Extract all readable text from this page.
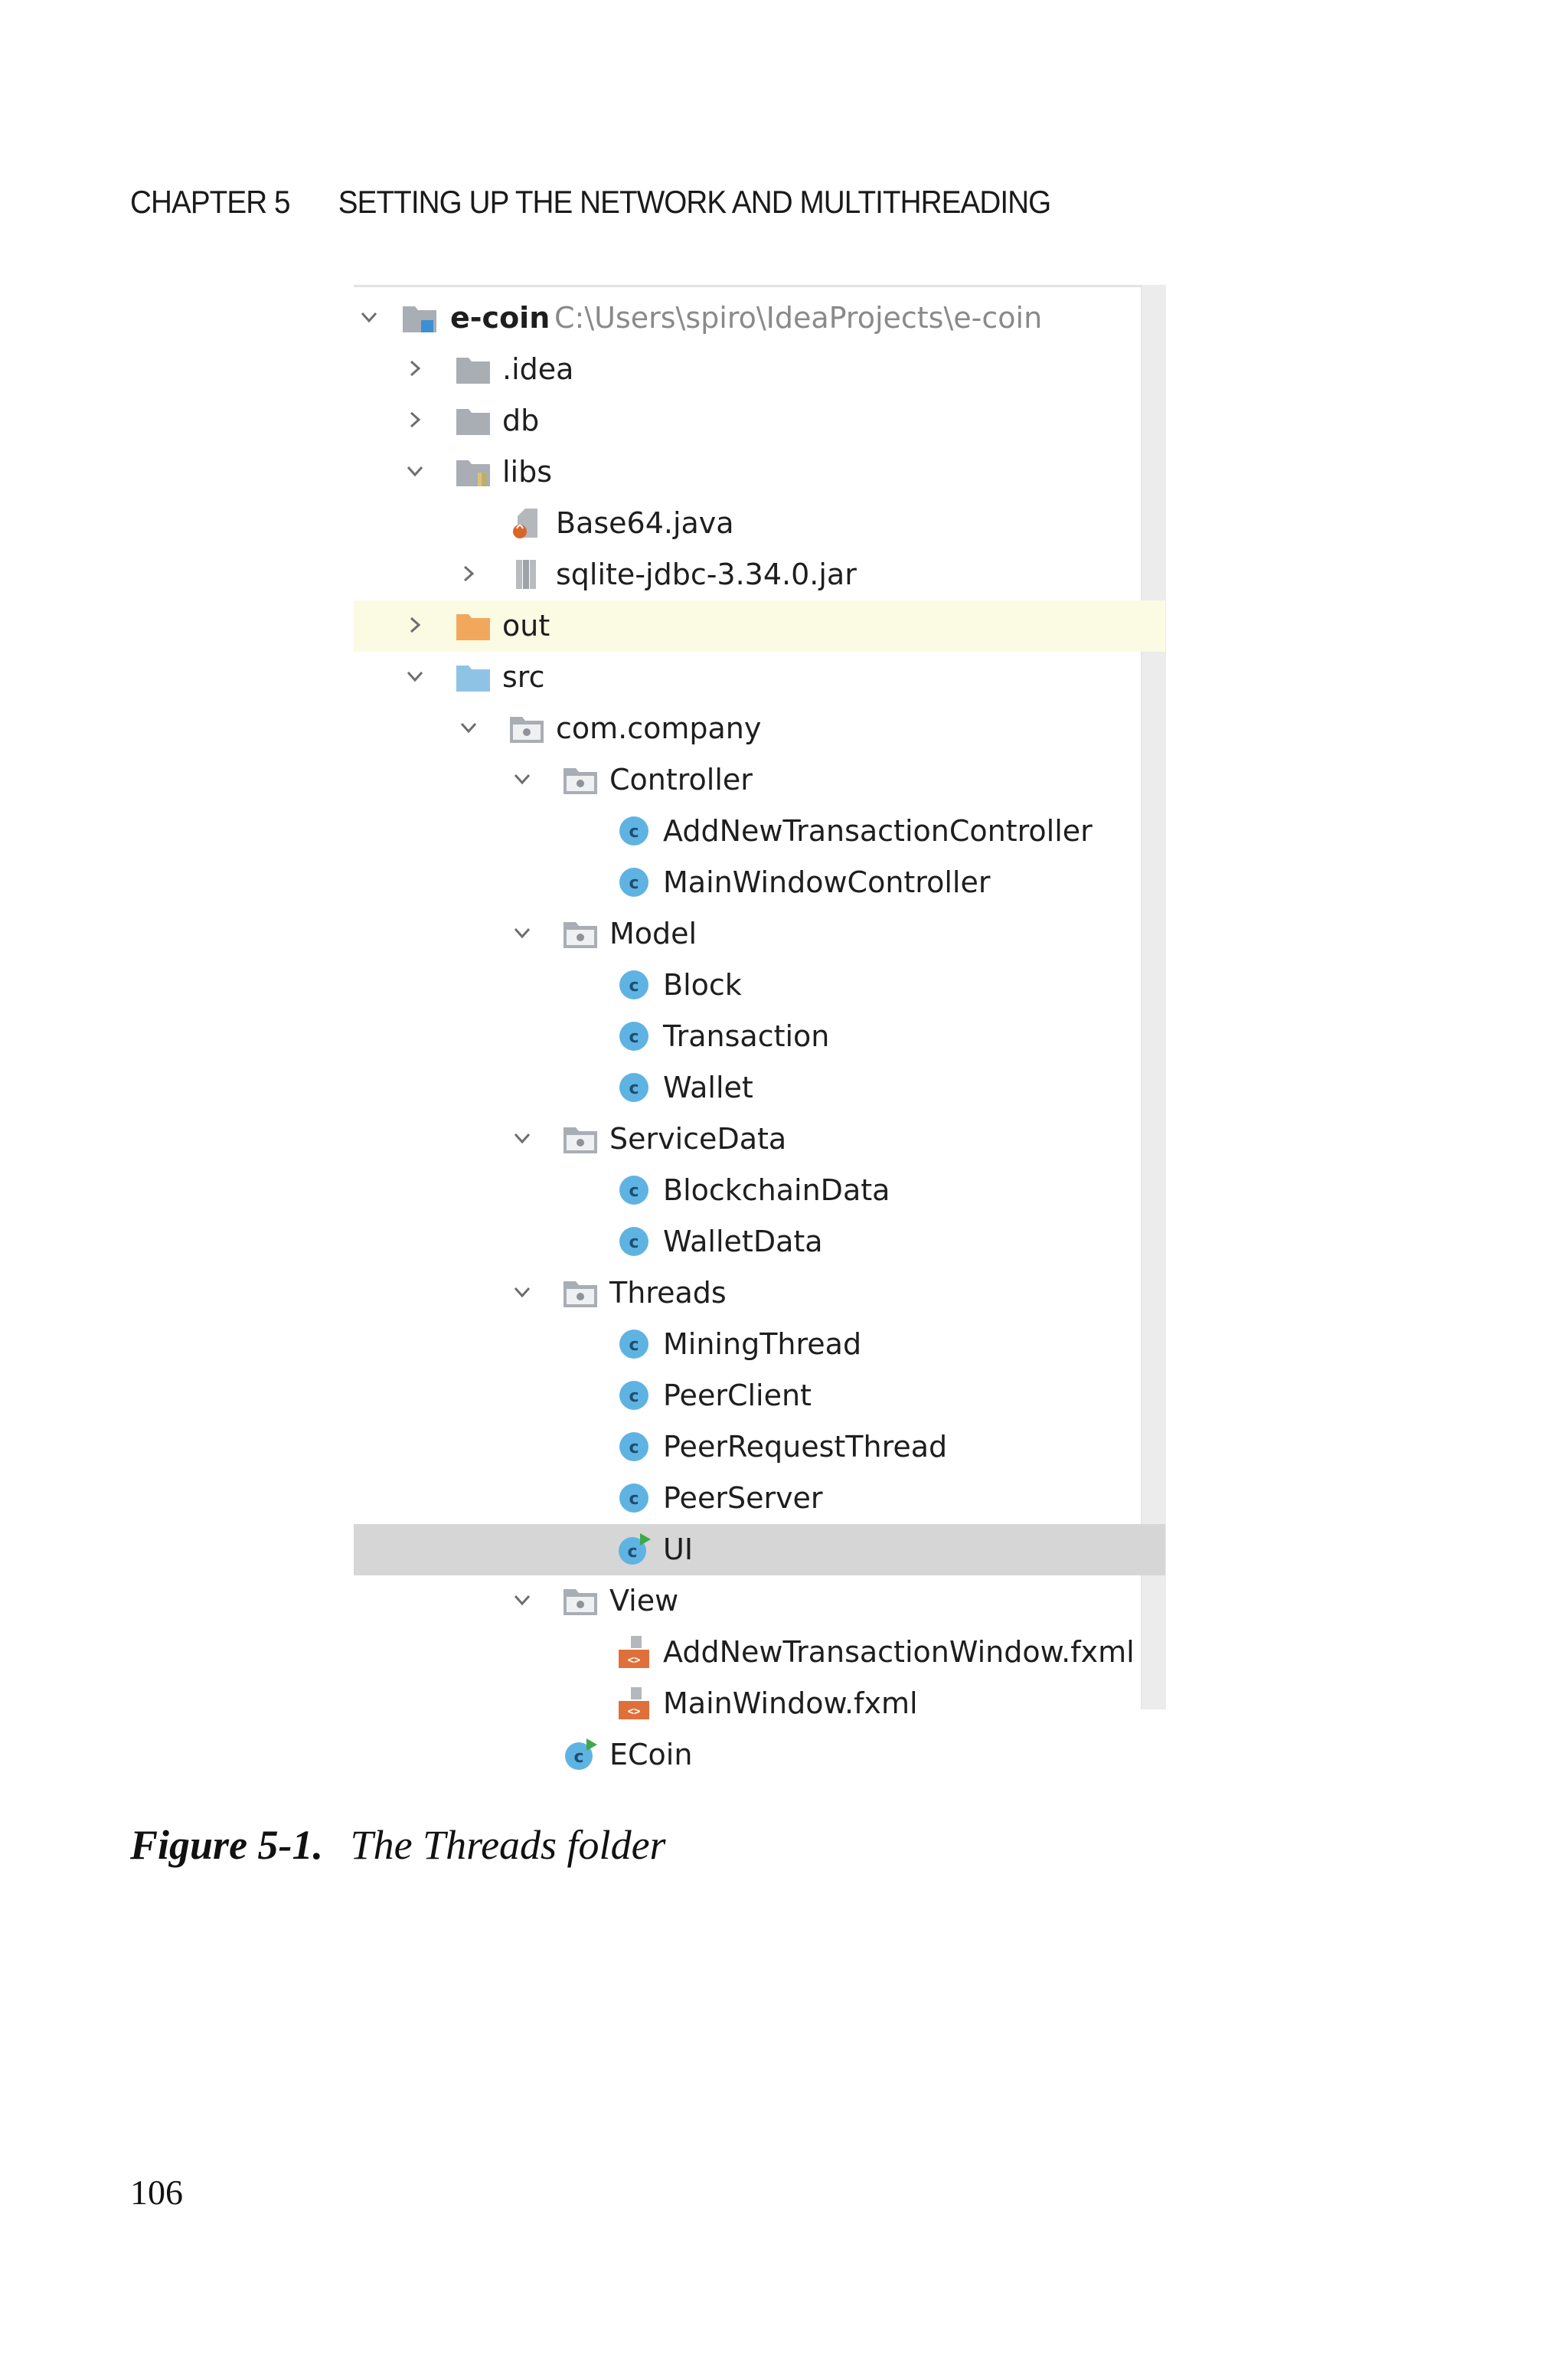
CHAPTER 5 SETTING UP THE NETWORK AND MULTITHREADING
e-coin C:\Users\spiro\IdeaProjects\e-coin
.idea
db
libs
Base64.java
sqlite-jdbc-3.34.0.jar
out
src
com.company
Controller
c AddNewTransactionController
c MainWindowController
Model
c Block
c Transaction
c Wallet
ServiceData
c BlockchainData
c WalletData
Threads
c MiningThread
c PeerClient
c PeerRequestThread
c PeerServer
c UI
View
<> AddNewTransactionWindow.fxml
<> MainWindow.fxml
c ECoin
Figure 5-1. The Threads folder
106
